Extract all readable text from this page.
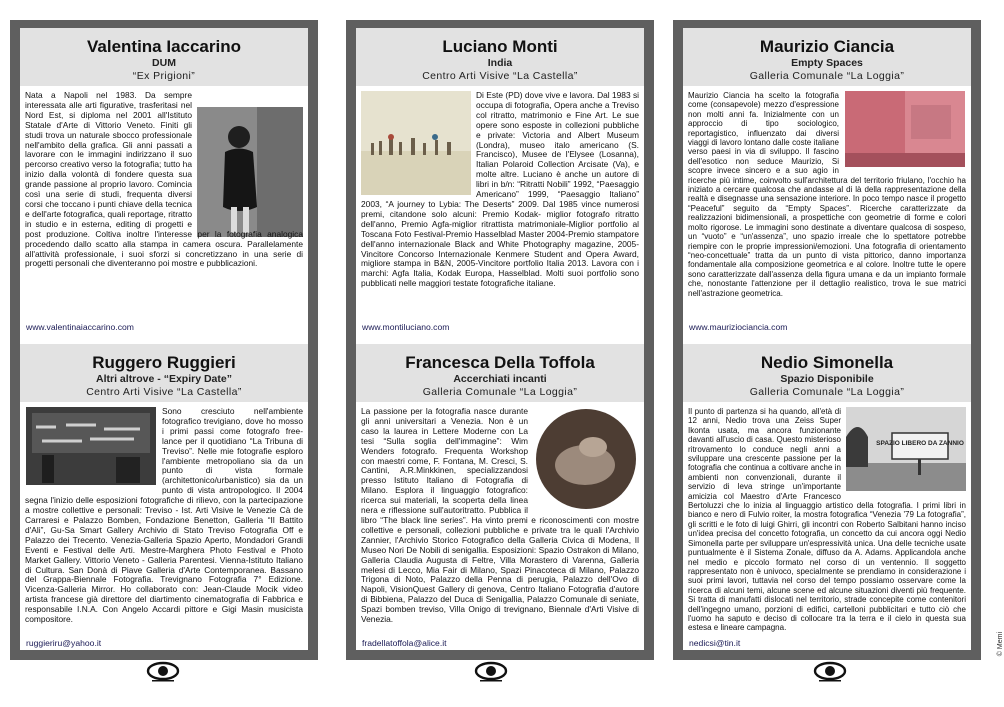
Valentina Iaccarino
DUM
“Ex Prigioni”
Nata a Napoli nel 1983. Da sempre interessata alle arti figurative, trasferitasi nel Nord Est, si diploma nel 2001 all'Istituto Statale d'Arte di Vittorio Veneto. Finiti gli studi trova un naturale sbocco professionale nell'ambito della grafica. Gli anni passati a lavorare con le immagini indirizzano il suo percorso creativo verso la fotografia; tutto ha inizio dalla volontà di fondere questa sua grande passione al proprio lavoro. Comincia così una serie di studi, frequenta diversi corsi che toccano i punti chiave della tecnica e dell'arte fotografica, quali reportage, ritratto in studio e in esterna, editing di progetti e post produzione. Coltiva inoltre l'interesse per la fotografia analogica procedendo dallo scatto alla stampa in camera oscura. Parallelamente all'attività professionale, i suoi sforzi si concretizzano in una serie di progetti personali che diventeranno poi mostre e pubblicazioni.
www.valentinaiaccarino.com
Ruggero Ruggieri
Altri altrove - “Expiry Date”
Centro Arti Visive “La Castella”
Sono cresciuto nell'ambiente fotografico trevigiano, dove ho mosso i primi passi come fotografo free-lance per il quotidiano “La Tribuna di Treviso”. Nelle mie fotografie esploro l'ambiente metropoliano sia da un punto di vista formale (architettonico/urbanistico) sia da un punto di vista antropologico. Il 2004 segna l'inizio delle esposizioni fotografiche di rilievo, con la partecipazione a mostre collettive e personali: Treviso - Ist. Arti Visive le Venezie Cà de Carraresi e Palazzo Bomben, Fondazione Benetton, Galleria “Il Battito d'Ali”, Gu-Sa Smart Gallery Archivio di Stato Treviso Fotografia Off e Palazzo dei Trecento. Venezia-Galleria Spazio Aperto, Mondadori Grandi Eventi e Festival delle Arti. Mestre-Marghera Photo Festival e Photo Market Gallery. Vittorio Veneto - Galleria Parentesi. Vienna-Istituto Italiano di Cultura. San Donà di Piave Galleria d'Arte Contemporanea. Bassano del Grappa-Biennale Fotografia. Trevignano Fotografia 7° Edizione. Vicenza-Galleria Mirror. Ho collaborato con: Jean-Claude Mocik video artista francese già direttore del diartimento cinematografia di Fabbrica e responsabile I.N.A. Con Angelo Accardi pittore e Gigi Masin musicista compositore.
ruggieriru@yahoo.it
Luciano Monti
India
Centro Arti Visive “La Castella”
Di Este (PD) dove vive e lavora. Dal 1983 si occupa di fotografia, Opera anche a Treviso col ritratto, matrimonio e Fine Art. Le sue opere sono esposte in collezioni pubbliche e private: Victoria and Albert Museum (Londra), museo italo americano (S. Francisco), Musee de l'Elysee (Losanna), Italian Polaroid Collection Arcisate (Va), e molte altre. Luciano è anche un autore di libri in b/n: “Ritratti Nobili” 1992, “Paesaggio Americano” 1999, “Paesaggio Italiano” 2003, “A journey to Lybia: The Deserts” 2009. Dal 1985 vince numerosi premi, citandone solo alcuni: Premio Kodak- miglior fotografo ritratto dell'anno, Premio Agfa-miglior ritrattista matrimoniale-Miglior portfolio al Toscana Foto Festival-Premio Hasselblad Master 2004-Premio stampatore dell'anno internazionale Black and White Photography magazine, 2005-Vincitore Concorso Internazionale Kenmere Student and Opera Award, migliore stampa in B&N, 2005-Vincitore portfolio Italia 2013. Lavora con i marchi: Agfa Italia, Kodak Europa, Hasselblad. Molti suoi portfolio sono pubblicati nelle maggiori testate fotografiche italiane.
www.montiluciano.com
Francesca Della Toffola
Accerchiati incanti
Galleria Comunale “La Loggia”
La passione per la fotografia nasce durante gli anni universitari a Venezia. Non è un caso la laurea in Lettere Moderne con La tesi “Sulla soglia dell'immagine”: Wim Wenders fotografo. Frequenta Workshop con maestri come, F. Fontana, M. Cresci, S. Cantini, A.R.Minkkinen, specializzandosi presso Istituto Italiano di Fotografia di Milano. Esplora il linguaggio fotografico: ricerca sui materiali, la scoperta della linea nera e riflessione sull'autoritratto. Pubblica il libro “The black line series”. Ha vinto premi e riconoscimenti con mostre collettive e personali, collezioni pubbliche e private tra le quali l'Archivio Zannier, l'Archivio Storico Fotografico della Galleria Civica di Modena, Il Museo Nori De Nobili di senigallia. Esposizioni: Spazio Ostrakon di Milano, Galleria Claudia Augusta di Feltre, Villa Morastero di Varenna, Galleria melesi di Lecco, Mia Fair di Milano, Spazi Pinacoteca di Milano, Palazzo Trigona di Noto, Palazzo della Penna di perugia, Palazzo dell'Ovo di Napoli, VisionQuest Gallery di genova, Centro Italiano Fotografia d'autore di Bibbiena, Palazzo del Duca di Senigallia, Palazzo Comunale di seniate, Spazi bomben treviso, Villa Onigo di trevignano, Biennale d'Arti Visive di Venezia.
fradellatoffola@alice.it
Maurizio Ciancia
Empty Spaces
Galleria Comunale “La Loggia”
Maurizio Ciancia ha scelto la fotografia come (consapevole) mezzo d'espressione non molti anni fa. Inizialmente con un approccio di tipo sociologico, reportagistico, influenzato dai diversi viaggi di lavoro lontano dalle coste italiane verso paesi in via di sviluppo. Il fascino dell'esotico non seduce Maurizio, Si scopre invece sincero e a suo agio in ricerche più intime, coinvolto sull'architettura del territorio friulano, l'occhio ha iniziato a cercare qualcosa che andasse al di là della rappresentazione della realtà e disegnasse una sensazione interiore. In poco tempo nasce il progetto “Peaceful” seguito da “Empty Spaces”. Ricerche caratterizzate da realizzazioni bidimensionali, a prospettiche con geometrie di forme e colori molto rigorose. Le immagini sono destinate a diventare qualcosa di sospeso, un “vuoto” e “un'assenza”, uno spazio irreale che lo spettatore potrebbe riempire con le proprie impressioni/emozioni. Una fotografia di orientamento “neo-concettuale” tratta da un punto di vista pittorico, danno importanza fondamentale alla composizione geometrica e al colore. Inoltre tutte le opere sono caratterizzate dall'assenza della figura umana e da un impianto formale che, nonostante l'attenzione per il dettaglio realistico, trova le sue matrici nell'astrazione geometrica.
www.mauriziociancia.com
Nedio Simonella
Spazio Disponibile
Galleria Comunale “La Loggia”
SPAZIO LIBERO DA ZANNIO
Il punto di partenza si ha quando, all'età di 12 anni, Nedio trova una Zeiss Super Ikonta usata, ma ancora funzionante davanti all'uscio di casa. Questo misterioso ritrovamento lo conduce negli anni a sviluppare una crescente passione per la fotografia che continua a coltivare anche in ambienti non convenzionali, durante il servizio di leva stringe un'importante amicizia col Maestro d'Arte Francesco Bertoluzzi che lo inizia al linguaggio artistico della fotografia. I primi libri in bianco e nero di Fulvio roiter, la mostra fotografica “Venezia '79 La fotografia”, gli scritti e le foto di luigi Ghirri, gli incontri con Roberto Salbitani hanno inciso un'idea precisa del concetto fotografia, un concetto da cui ancora oggi Nedio Simonella parte per sviluppare un'espressività unica. Una delle tecniche usate puntualmente è il Sistema Zonale, diffuso da A. Adams. Applicandola anche nel medio e piccolo formato nel corso di un ventennio. Il soggetto rappresentato non è univoco, specialmente se prendiamo in considerazione i suoi primi lavori, tuttavia nel corso del tempo possiamo osservare come la ricerca di alcuni temi, alcune scene ed alcune situazioni diventi più frequente. Si tratta di manufatti dislocati nel territorio, strade concepite come contenitori dell'ingegno umano, porzioni di edifici, cartelloni pubblicitari e tutto ciò che l'uomo ha saputo e deciso di collocare tra la terra e il cielo in questa sua estesa e lineare campagna.
nedicsi@tin.it	© Memi
